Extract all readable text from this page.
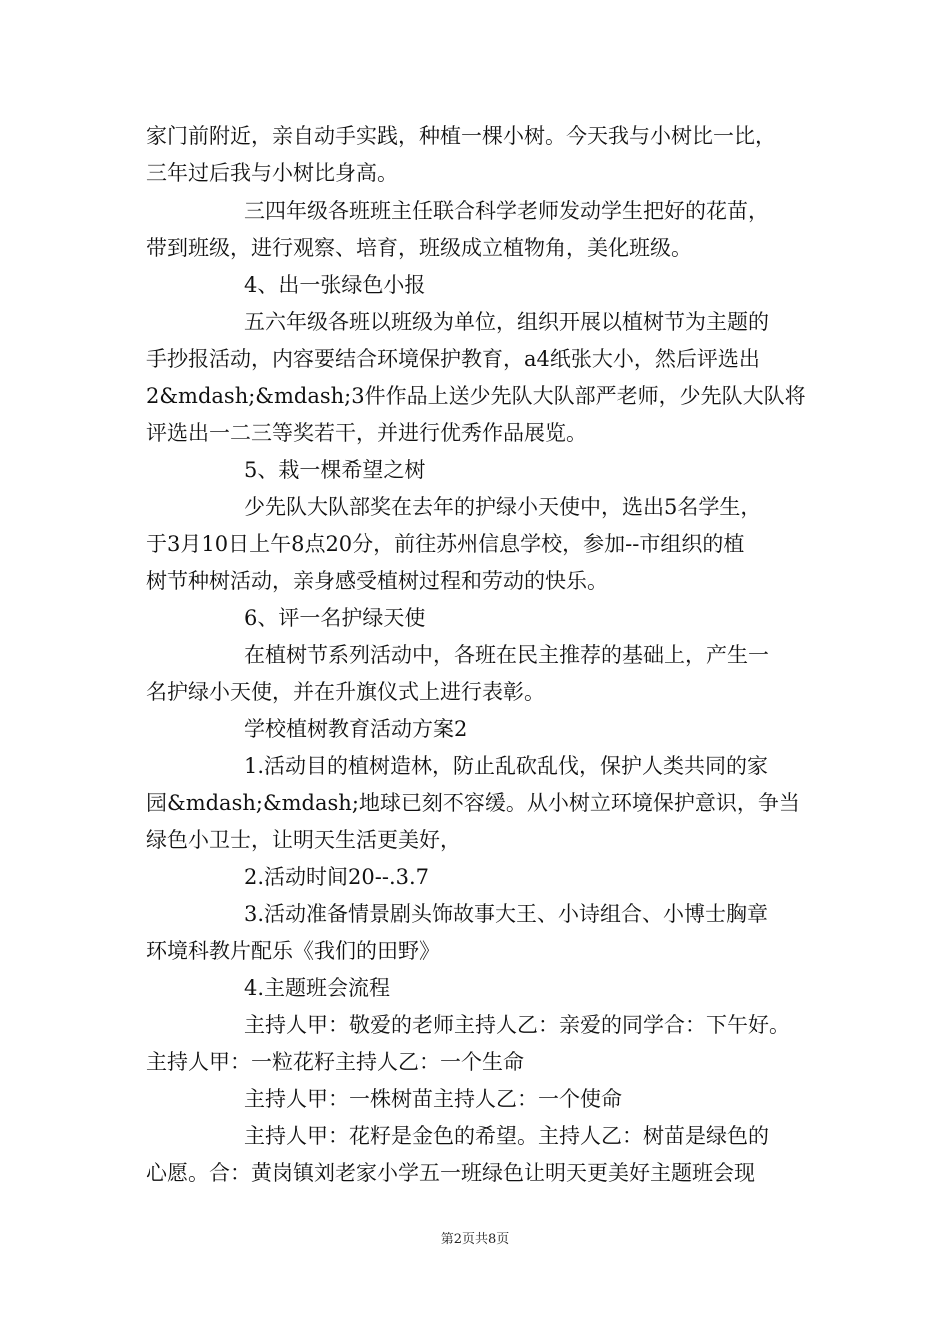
家门前附近，亲自动手实践，种植一棵小树。今天我与小树比一比，
三年过后我与小树比身高。
三四年级各班班主任联合科学老师发动学生把好的花苗，
带到班级，进行观察、培育，班级成立植物角，美化班级。
4、出一张绿色小报
五六年级各班以班级为单位，组织开展以植树节为主题的
手抄报活动，内容要结合环境保护教育，a4纸张大小，然后评选出
2&mdash;&mdash;3件作品上送少先队大队部严老师，少先队大队将
评选出一二三等奖若干，并进行优秀作品展览。
5、栽一棵希望之树
少先队大队部奖在去年的护绿小天使中，选出5名学生，
于3月10日上午8点20分，前往苏州信息学校，参加--市组织的植
树节种树活动，亲身感受植树过程和劳动的快乐。
6、评一名护绿天使
在植树节系列活动中，各班在民主推荐的基础上，产生一
名护绿小天使，并在升旗仪式上进行表彰。
学校植树教育活动方案2
1.活动目的植树造林，防止乱砍乱伐，保护人类共同的家
园&mdash;&mdash;地球已刻不容缓。从小树立环境保护意识，争当
绿色小卫士，让明天生活更美好，
2.活动时间20--.3.7
3.活动准备情景剧头饰故事大王、小诗组合、小博士胸章
环境科教片配乐《我们的田野》
4.主题班会流程
主持人甲：敬爱的老师主持人乙：亲爱的同学合：下午好。
主持人甲：一粒花籽主持人乙：一个生命
主持人甲：一株树苗主持人乙：一个使命
主持人甲：花籽是金色的希望。主持人乙：树苗是绿色的
心愿。合：黄岗镇刘老家小学五一班绿色让明天更美好主题班会现
第2页共8页
